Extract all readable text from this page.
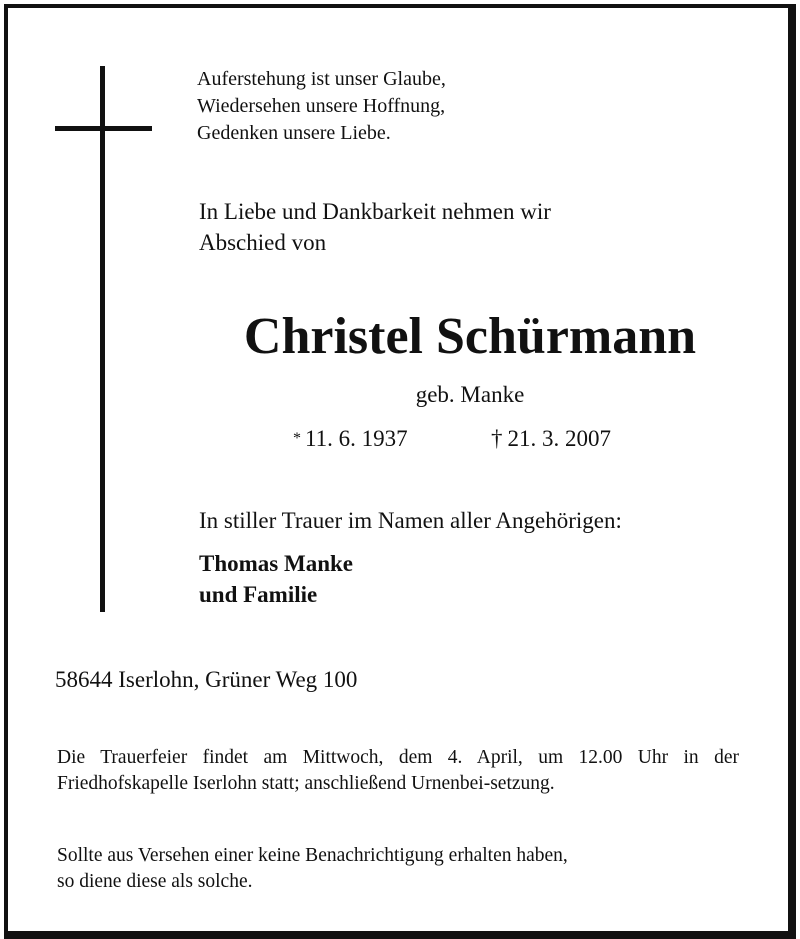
Auferstehung ist unser Glaube,
Wiedersehen unsere Hoffnung,
Gedenken unsere Liebe.
In Liebe und Dankbarkeit nehmen wir
Abschied von
Christel Schürmann
geb. Manke
* 11. 6. 1937	† 21. 3. 2007
In stiller Trauer im Namen aller Angehörigen:
Thomas Manke
und Familie
58644 Iserlohn, Grüner Weg 100

Die Trauerfeier findet am Mittwoch, dem 4. April, um 12.00 Uhr in der Friedhofskapelle Iserlohn statt; anschließend Urnenbei-setzung.

Sollte aus Versehen einer keine Benachrichtigung erhalten haben,
so diene diese als solche.
